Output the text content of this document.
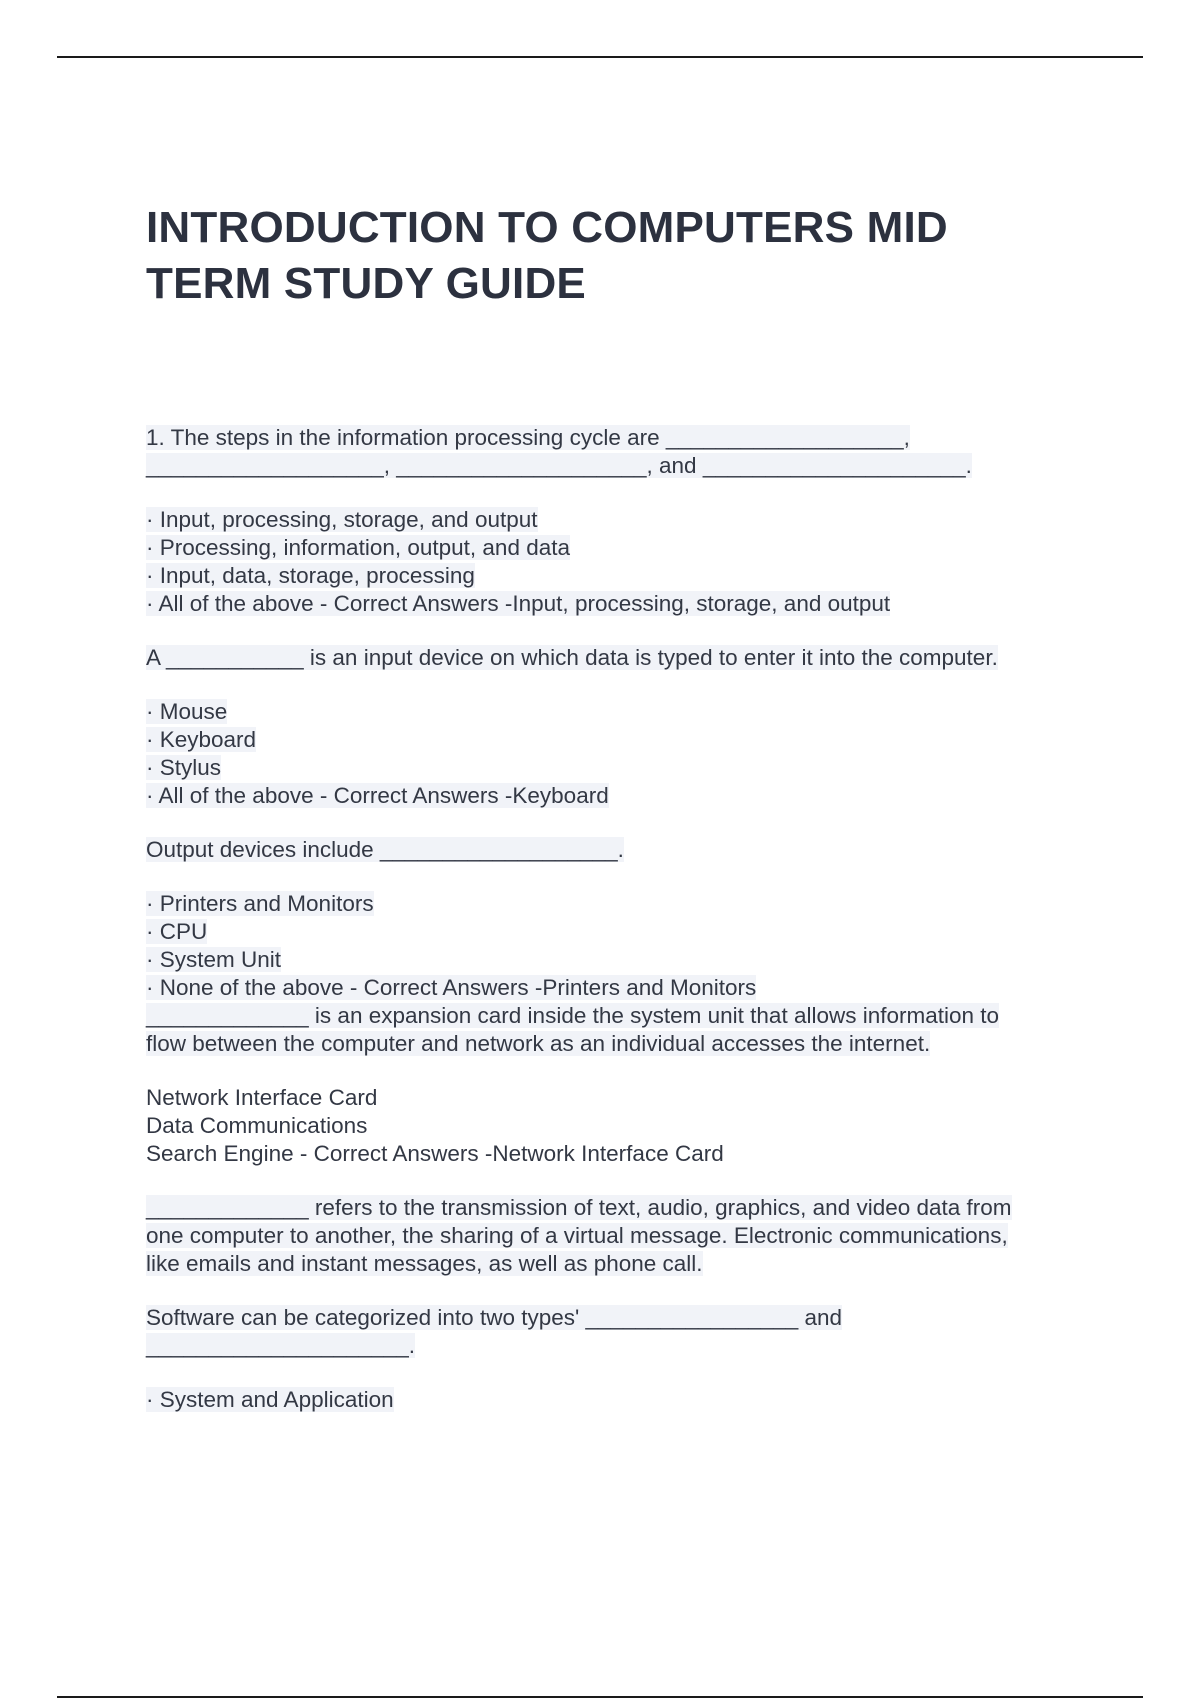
INTRODUCTION TO COMPUTERS MID
TERM STUDY GUIDE
1. The steps in the information processing cycle are ___________________,
___________________, ____________________, and _____________________.
· Input, processing, storage, and output
· Processing, information, output, and data
· Input, data, storage, processing
· All of the above - Correct Answers -Input, processing, storage, and output
A ___________ is an input device on which data is typed to enter it into the computer.
· Mouse
· Keyboard
· Stylus
· All of the above - Correct Answers -Keyboard
Output devices include ___________________.
· Printers and Monitors
· CPU
· System Unit
· None of the above - Correct Answers -Printers and Monitors
_____________ is an expansion card inside the system unit that allows information to
flow between the computer and network as an individual accesses the internet.
Network Interface Card
Data Communications
Search Engine - Correct Answers -Network Interface Card
_____________ refers to the transmission of text, audio, graphics, and video data from
one computer to another, the sharing of a virtual message. Electronic communications,
like emails and instant messages, as well as phone call.
Software can be categorized into two types' _________________ and
_____________________.
· System and Application
